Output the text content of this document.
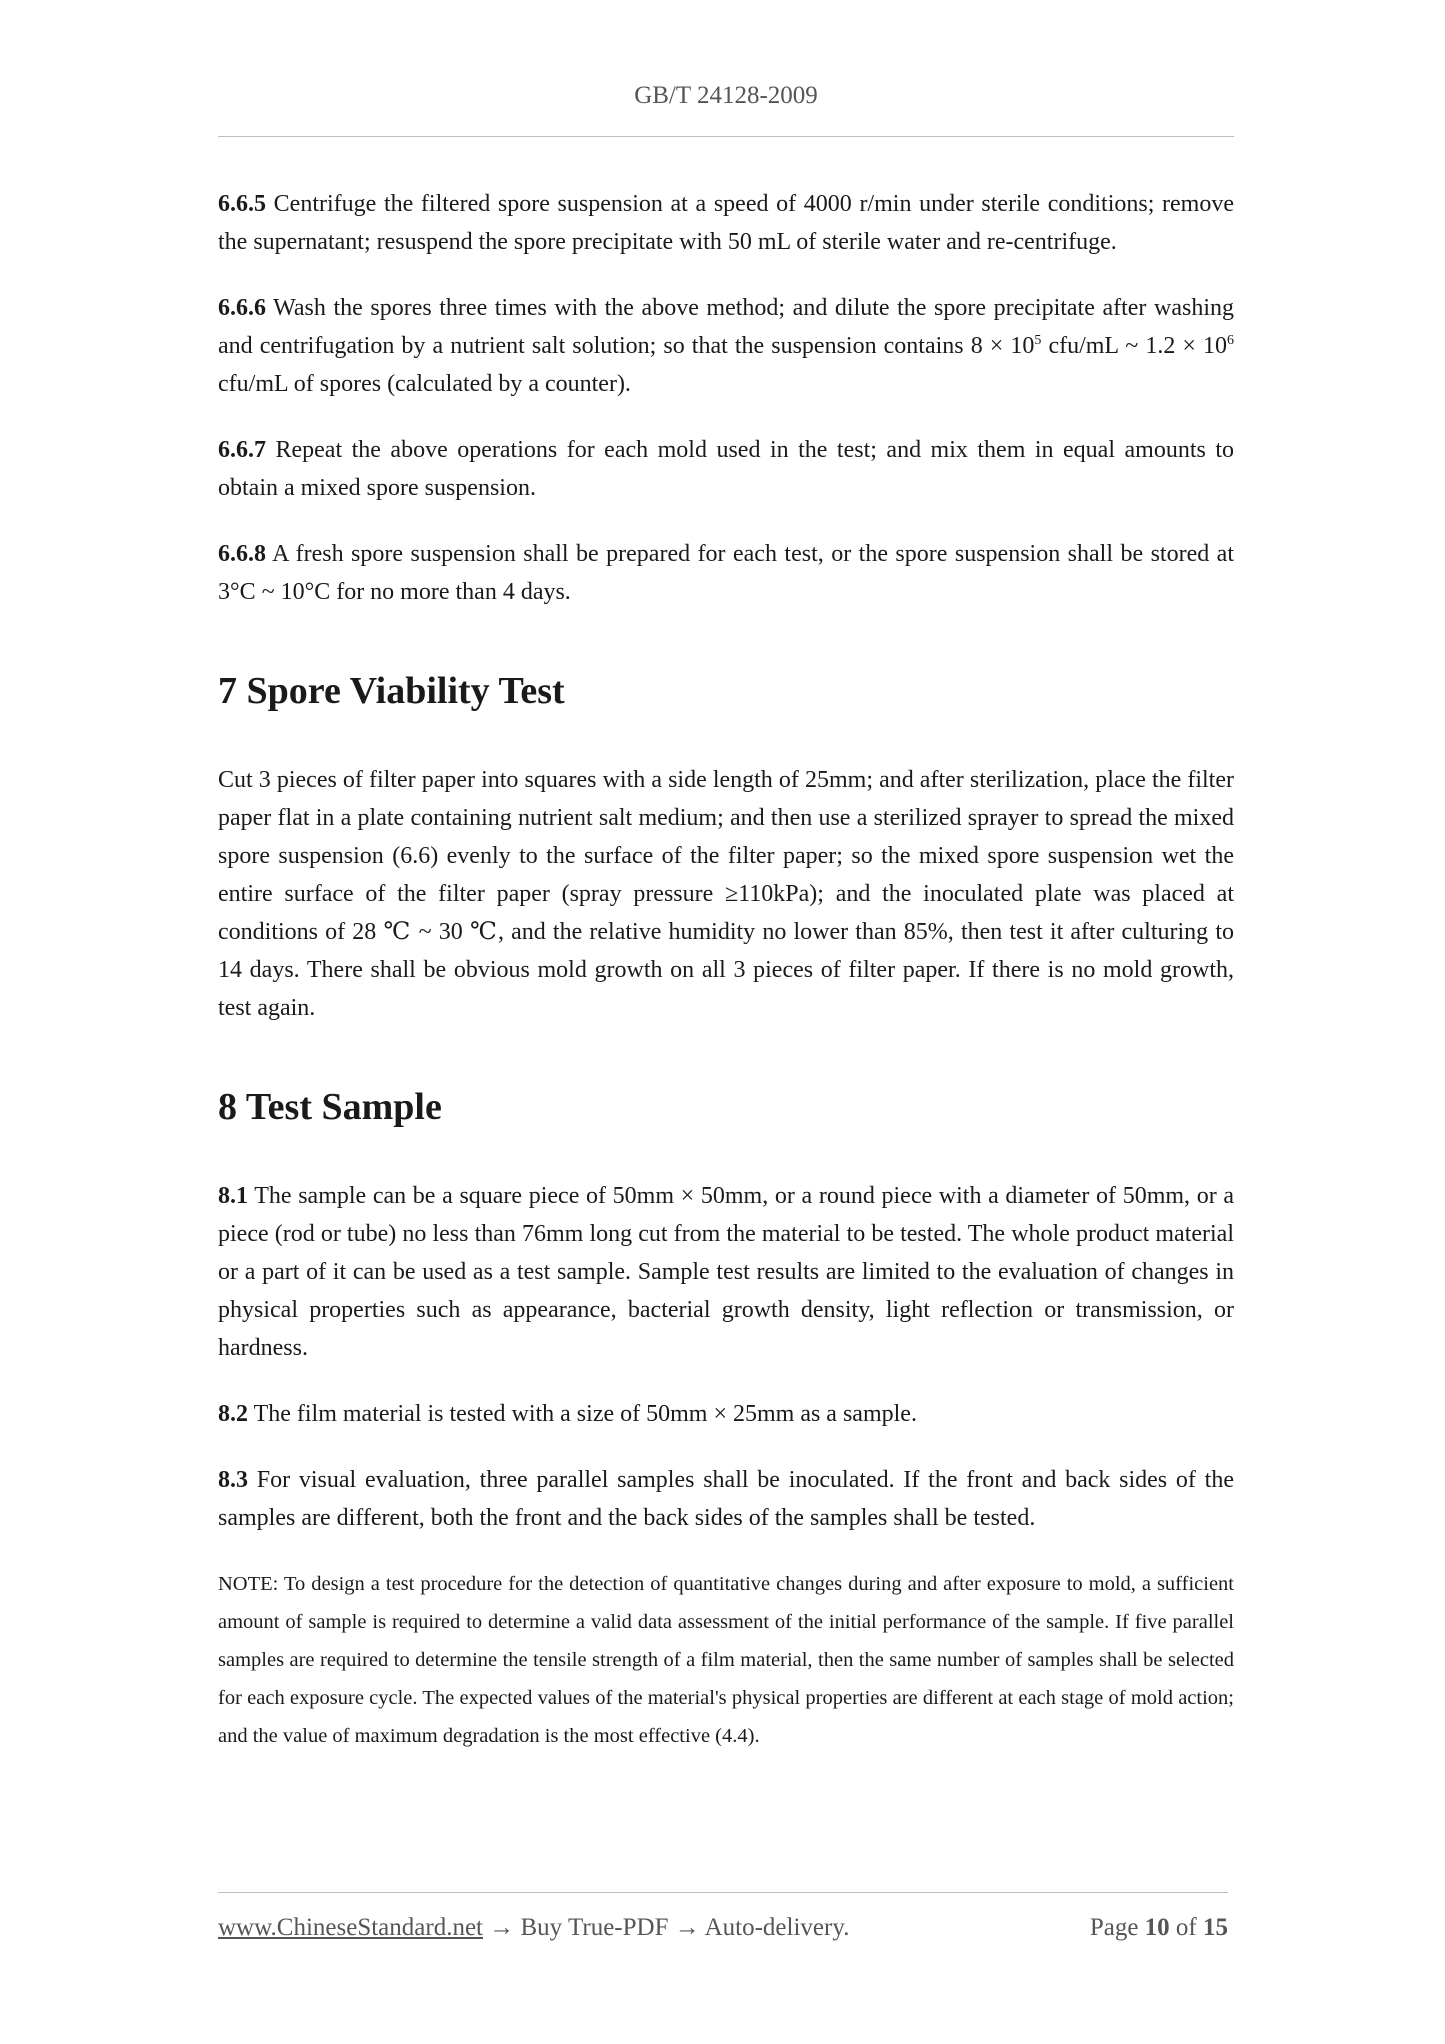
GB/T 24128-2009

6.6.5 Centrifuge the filtered spore suspension at a speed of 4000 r/min under sterile conditions; remove the supernatant; resuspend the spore precipitate with 50 mL of sterile water and re-centrifuge.

6.6.6 Wash the spores three times with the above method; and dilute the spore precipitate after washing and centrifugation by a nutrient salt solution; so that the suspension contains $8 \times 10^5$ cfu/mL ~ $1.2 \times 10^6$ cfu/mL of spores (calculated by a counter).

6.6.7 Repeat the above operations for each mold used in the test; and mix them in equal amounts to obtain a mixed spore suspension.

6.6.8 A fresh spore suspension shall be prepared for each test, or the spore suspension shall be stored at 3°C ~ 10°C for no more than 4 days.

7 Spore Viability Test

Cut 3 pieces of filter paper into squares with a side length of 25mm; and after sterilization, place the filter paper flat in a plate containing nutrient salt medium; and then use a sterilized sprayer to spread the mixed spore suspension (6.6) evenly to the surface of the filter paper; so the mixed spore suspension wet the entire surface of the filter paper (spray pressure ≥110kPa); and the inoculated plate was placed at conditions of 28 ℃ ~ 30 ℃, and the relative humidity no lower than 85%, then test it after culturing to 14 days. There shall be obvious mold growth on all 3 pieces of filter paper. If there is no mold growth, test again.

8 Test Sample

8.1 The sample can be a square piece of 50mm × 50mm, or a round piece with a diameter of 50mm, or a piece (rod or tube) no less than 76mm long cut from the material to be tested. The whole product material or a part of it can be used as a test sample. Sample test results are limited to the evaluation of changes in physical properties such as appearance, bacterial growth density, light reflection or transmission, or hardness.

8.2 The film material is tested with a size of 50mm × 25mm as a sample.

8.3 For visual evaluation, three parallel samples shall be inoculated. If the front and back sides of the samples are different, both the front and the back sides of the samples shall be tested.

NOTE: To design a test procedure for the detection of quantitative changes during and after exposure to mold, a sufficient amount of sample is required to determine a valid data assessment of the initial performance of the sample. If five parallel samples are required to determine the tensile strength of a film material, then the same number of samples shall be selected for each exposure cycle. The expected values of the material's physical properties are different at each stage of mold action; and the value of maximum degradation is the most effective (4.4).

www.ChineseStandard.net → Buy True-PDF → Auto-delivery.	Page 10 of 15
